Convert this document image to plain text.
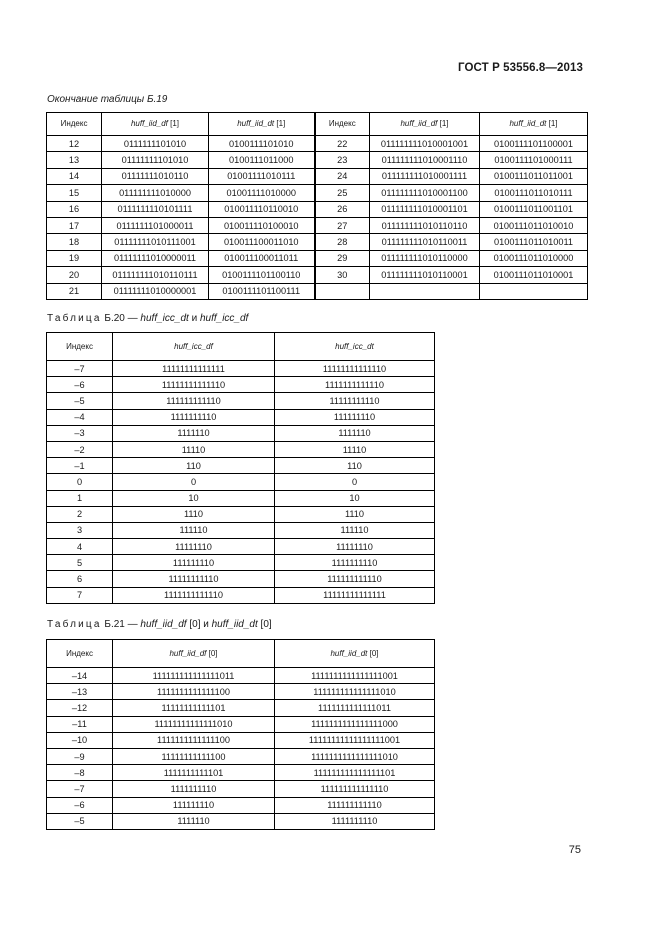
ГОСТ Р 53556.8—2013
Окончание таблицы Б.19
Индекс	huff_iid_df [1]	huff_iid_dt [1]	Индекс	huff_iid_df [1]	huff_iid_dt [1]
12	0111111101010	0100111101010	22	011111111010001001	0100111101100001
13	01111111101010	0100111011000	23	011111111010001110	0100111101000111
14	01111111010110	01001111010111	24	011111111010001111	0100111011011001
15	011111111010000	01001111010000	25	011111111010001100	0100111011010111
16	0111111110101111	010011110110010	26	011111111010001101	0100111011001101
17	0111111101000011	010011110100010	27	011111111010110110	0100111011010010
18	01111111010111001	010011100011010	28	011111111010110011	0100111011010011
19	01111111010000011	010011100011011	29	011111111010110000	0100111011010000
20	011111111010110111	0100111101100110	30	011111111010110001	0100111011010001
21	01111111010000001	0100111101100111			
Таблица Б.20 — huff_icc_dt и huff_icc_df
Индекс	huff_icc_df	huff_icc_dt
–7	11111111111111	11111111111110
–6	11111111111110	1111111111110
–5	111111111110	11111111110
–4	1111111110	111111110
–3	1111110	1111110
–2	11110	11110
–1	110	110
0	0	0
1	10	10
2	1110	1110
3	111110	111110
4	11111110	11111110
5	111111110	1111111110
6	11111111110	111111111110
7	1111111111110	11111111111111
Таблица Б.21 — huff_iid_df [0] и huff_iid_dt [0]
Индекс	huff_iid_df [0]	huff_iid_dt [0]
–14	111111111111111011	1111111111111111001
–13	1111111111111100	111111111111111010
–12	11111111111101	1111111111111011
–11	11111111111111010	1111111111111111000
–10	1111111111111100	11111111111111111001
–9	11111111111100	1111111111111111010
–8	1111111111101	111111111111111101
–7	1111111110	111111111111110
–6	111111110	111111111110
–5	1111110	1111111110
75
